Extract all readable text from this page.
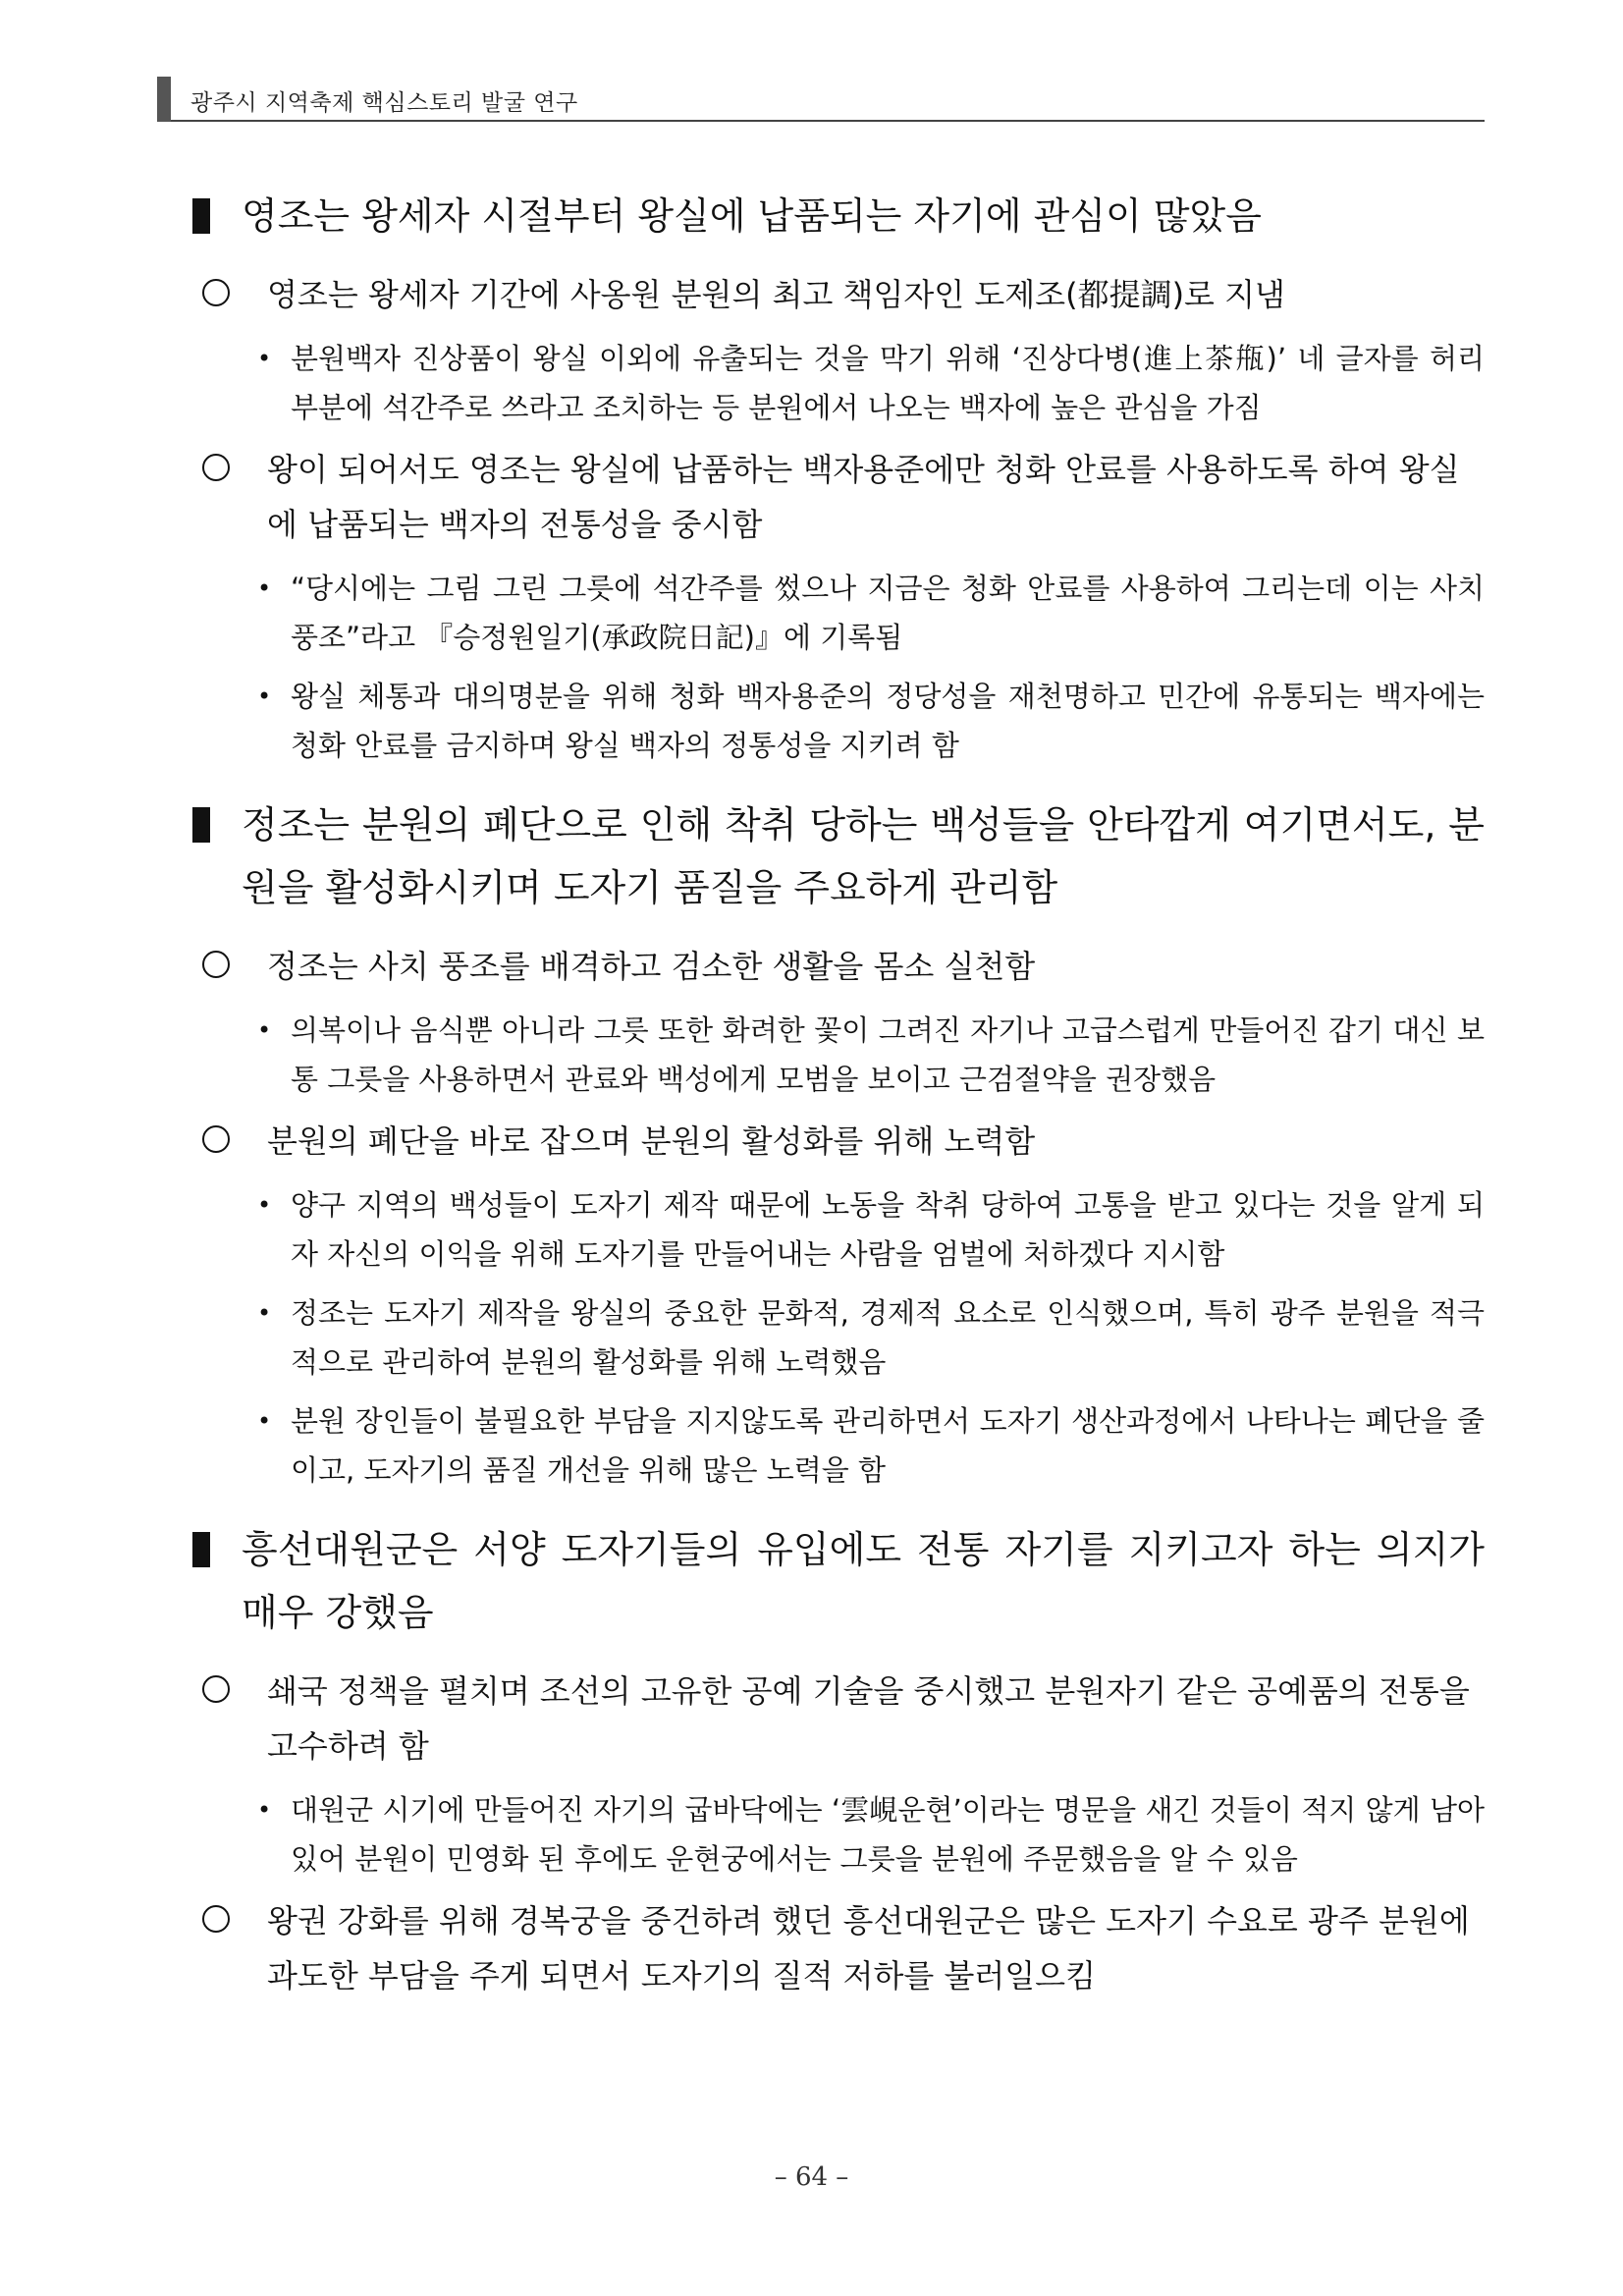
광주시 지역축제 핵심스토리 발굴 연구
영조는 왕세자 시절부터 왕실에 납품되는 자기에 관심이 많았음
영조는 왕세자 기간에 사옹원 분원의 최고 책임자인 도제조(都提調)로 지냄
• 분원백자 진상품이 왕실 이외에 유출되는 것을 막기 위해 ‘진상다병(進上茶甁)’ 네 글자를 허리 부분에 석간주로 쓰라고 조치하는 등 분원에서 나오는 백자에 높은 관심을 가짐
왕이 되어서도 영조는 왕실에 납품하는 백자용준에만 청화 안료를 사용하도록 하여 왕실에 납품되는 백자의 전통성을 중시함
• “당시에는 그림 그린 그릇에 석간주를 썼으나 지금은 청화 안료를 사용하여 그리는데 이는 사치풍조”라고 『승정원일기(承政院日記)』에 기록됨
• 왕실 체통과 대의명분을 위해 청화 백자용준의 정당성을 재천명하고 민간에 유통되는 백자에는 청화 안료를 금지하며 왕실 백자의 정통성을 지키려 함
정조는 분원의 폐단으로 인해 착취 당하는 백성들을 안타깝게 여기면서도, 분원을 활성화시키며 도자기 품질을 주요하게 관리함
정조는 사치 풍조를 배격하고 검소한 생활을 몸소 실천함
• 의복이나 음식뿐 아니라 그릇 또한 화려한 꽃이 그려진 자기나 고급스럽게 만들어진 갑기 대신 보통 그릇을 사용하면서 관료와 백성에게 모범을 보이고 근검절약을 권장했음
분원의 폐단을 바로 잡으며 분원의 활성화를 위해 노력함
• 양구 지역의 백성들이 도자기 제작 때문에 노동을 착취 당하여 고통을 받고 있다는 것을 알게 되자 자신의 이익을 위해 도자기를 만들어내는 사람을 엄벌에 처하겠다 지시함
• 정조는 도자기 제작을 왕실의 중요한 문화적, 경제적 요소로 인식했으며, 특히 광주 분원을 적극적으로 관리하여 분원의 활성화를 위해 노력했음
• 분원 장인들이 불필요한 부담을 지지않도록 관리하면서 도자기 생산과정에서 나타나는 폐단을 줄이고, 도자기의 품질 개선을 위해 많은 노력을 함
흥선대원군은 서양 도자기들의 유입에도 전통 자기를 지키고자 하는 의지가 매우 강했음
쇄국 정책을 펼치며 조선의 고유한 공예 기술을 중시했고 분원자기 같은 공예품의 전통을 고수하려 함
• 대원군 시기에 만들어진 자기의 굽바닥에는 ‘雲峴운현’이라는 명문을 새긴 것들이 적지 않게 남아있어 분원이 민영화 된 후에도 운현궁에서는 그릇을 분원에 주문했음을 알 수 있음
왕권 강화를 위해 경복궁을 중건하려 했던 흥선대원군은 많은 도자기 수요로 광주 분원에 과도한 부담을 주게 되면서 도자기의 질적 저하를 불러일으킴
– 64 –
